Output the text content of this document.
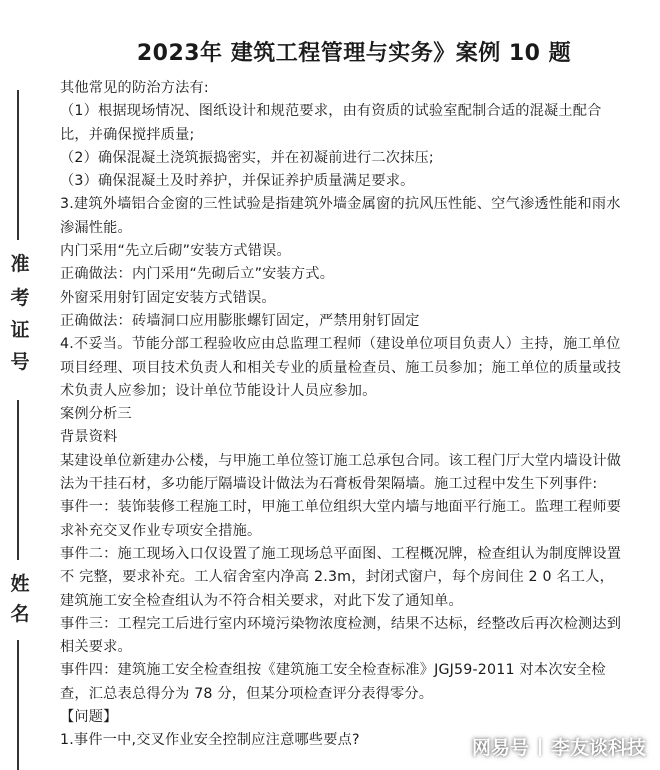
准
考
证
号
姓
名
2023年 建筑工程管理与实务》案例 10 题

其他常见的防治方法有:

（1）根据现场情况、图纸设计和规范要求，由有资质的试验室配制合适的混凝土配合比，并确保搅拌质量;

（2）确保混凝土浇筑振捣密实，并在初凝前进行二次抹压;

（3）确保混凝土及时养护，并保证养护质量满足要求。

3.建筑外墙铝合金窗的三性试验是指建筑外墙金属窗的抗风压性能、空气渗透性能和雨水渗漏性能。

内门采用“先立后砌”安装方式错误。

正确做法：内门采用“先砌后立”安装方式。

外窗采用射钉固定安装方式错误。

正确做法：砖墙洞口应用膨胀螺钉固定，严禁用射钉固定

4.不妥当。节能分部工程验收应由总监理工程师（建设单位项目负责人）主持，施工单位项目经理、项目技术负责人和相关专业的质量检查员、施工员参加；施工单位的质量或技术负责人应参加；设计单位节能设计人员应参加。

案例分析三

背景资料

某建设单位新建办公楼，与甲施工单位签订施工总承包合同。该工程门厅大堂内墙设计做法为干挂石材，多功能厅隔墙设计做法为石膏板骨架隔墙。施工过程中发生下列事件:

事件一：装饰装修工程施工时，甲施工单位组织大堂内墙与地面平行施工。监理工程师要求补充交叉作业专项安全措施。

事件二：施工现场入口仅设置了施工现场总平面图、工程概况牌，检查组认为制度牌设置不 完整，要求补充。工人宿舍室内净高 2.3m，封闭式窗户，每个房间住 2 0 名工人，建筑施工安全检查组认为不符合相关要求，对此下发了通知单。

事件三：工程完工后进行室内环境污染物浓度检测，结果不达标，经整改后再次检测达到相关要求。

事件四：建筑施工安全检查组按《建筑施工安全检查标准》JGJ59-2011 对本次安全检查，汇总表总得分为 78 分，但某分项检查评分表得零分。

【问题】

1.事件一中,交叉作业安全控制应注意哪些要点?	网易号 李友谈科技
